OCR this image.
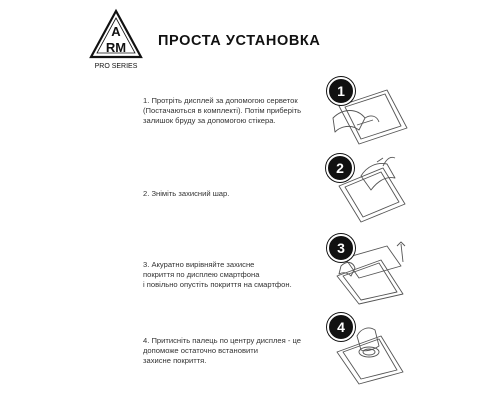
A
RM
PRO SERIES
ПРОСТА УСТАНОВКА
1. Протріть дисплей за допомогою серветок
(Постачаються в комплекті). Потім приберіть
залишок бруду за допомогою стікера.
2. Зніміть захисний шар.
3. Акуратно вирівняйте захисне
покриття по дисплею смартфона
і повільно опустіть покриття на смартфон.
4. Притисніть палець по центру дисплея - це
допоможе остаточно встановити
захисне покриття.
1
2
3
4
